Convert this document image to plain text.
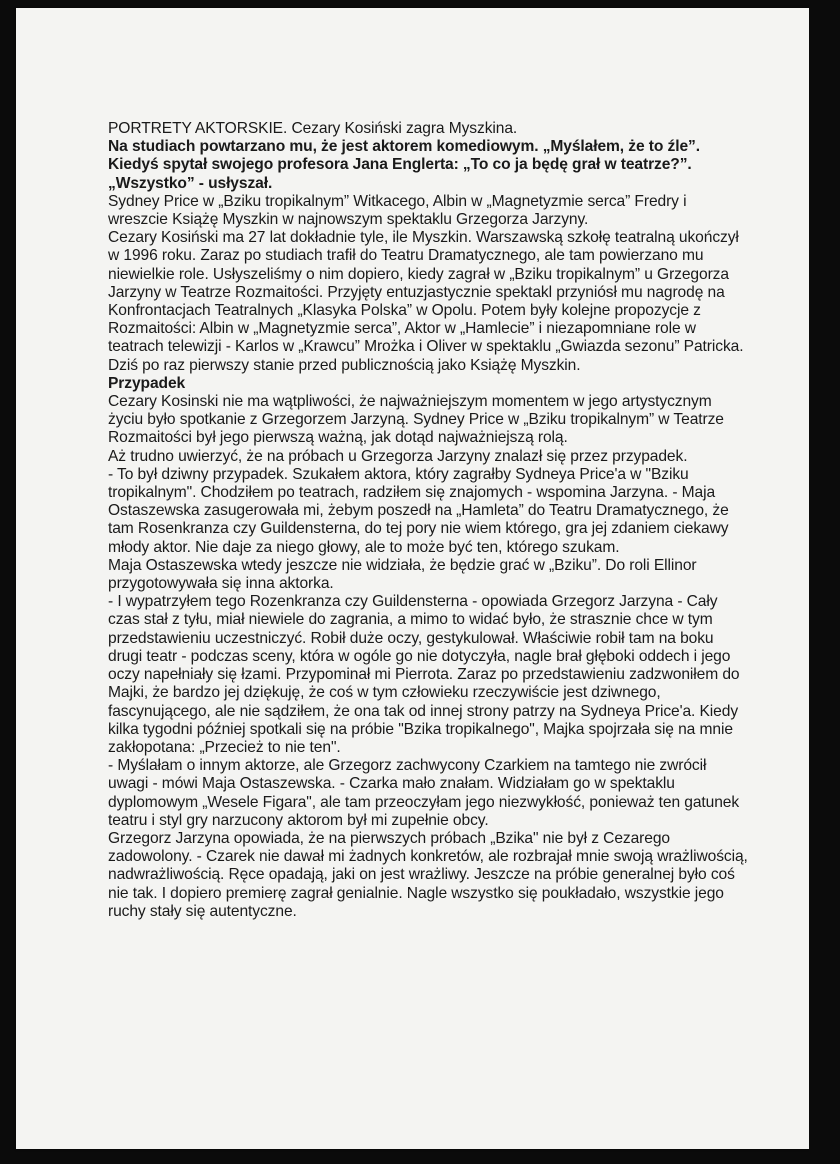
PORTRETY AKTORSKIE. Cezary Kosiński zagra Myszkina.

Na studiach powtarzano mu, że jest aktorem komediowym. „Myślałem, że to źle”. Kiedyś spytał swojego profesora Jana Englerta: „To co ja będę grał w teatrze?”. „Wszystko” - usłyszał.

Sydney Price w „Bziku tropikalnym” Witkacego, Albin w „Magnetyzmie serca” Fredry i wreszcie Książę Myszkin w najnowszym spektaklu Grzegorza Jarzyny.

Cezary Kosiński ma 27 lat dokładnie tyle, ile Myszkin. Warszawską szkołę teatralną ukończył w 1996 roku. Zaraz po studiach trafił do Teatru Dramatycznego, ale tam powierzano mu niewielkie role. Usłyszeliśmy o nim dopiero, kiedy zagrał w „Bziku tropikalnym” u Grzegorza Jarzyny w Teatrze Rozmaitości. Przyjęty entuzjastycznie spektakl przyniósł mu nagrodę na Konfrontacjach Teatralnych „Klasyka Polska” w Opolu. Potem były kolejne propozycje z Rozmaitości: Albin w „Magnetyzmie serca”, Aktor w „Hamlecie” i niezapomniane role w teatrach telewizji - Karlos w „Krawcu” Mrożka i Oliver w spektaklu „Gwiazda sezonu” Patricka. Dziś po raz pierwszy stanie przed publicznością jako Książę Myszkin.

Przypadek

Cezary Kosinski nie ma wątpliwości, że najważniejszym momentem w jego artystycznym życiu było spotkanie z Grzegorzem Jarzyną. Sydney Price w „Bziku tropikalnym” w Teatrze Rozmaitości był jego pierwszą ważną, jak dotąd najważniejszą rolą.

Aż trudno uwierzyć, że na próbach u Grzegorza Jarzyny znalazł się przez przypadek.

- To był dziwny przypadek. Szukałem aktora, który zagrałby Sydneya Price'a w "Bziku tropikalnym". Chodziłem po teatrach, radziłem się znajomych - wspomina Jarzyna. - Maja Ostaszewska zasugerowała mi, żebym poszedł na „Hamleta” do Teatru Dramatycznego, że tam Rosenkranza czy Guildensterna, do tej pory nie wiem którego, gra jej zdaniem ciekawy młody aktor. Nie daje za niego głowy, ale to może być ten, którego szukam.

Maja Ostaszewska wtedy jeszcze nie widziała, że będzie grać w „Bziku”. Do roli Ellinor przygotowywała się inna aktorka.

- I wypatrzyłem tego Rozenkranza czy Guildensterna - opowiada Grzegorz Jarzyna - Cały czas stał z tyłu, miał niewiele do zagrania, a mimo to widać było, że strasznie chce w tym przedstawieniu uczestniczyć. Robił duże oczy, gestykulował. Właściwie robił tam na boku drugi teatr - podczas sceny, która w ogóle go nie dotyczyła, nagle brał głęboki oddech i jego oczy napełniały się łzami. Przypominał mi Pierrota. Zaraz po przedstawieniu zadzwoniłem do Majki, że bardzo jej dziękuję, że coś w tym człowieku rzeczywiście jest dziwnego, fascynującego, ale nie sądziłem, że ona tak od innej strony patrzy na Sydneya Price'a. Kiedy kilka tygodni później spotkali się na próbie "Bzika tropikalnego", Majka spojrzała się na mnie zakłopotana: „Przecież to nie ten".

- Myślałam o innym aktorze, ale Grzegorz zachwycony Czarkiem na tamtego nie zwrócił uwagi - mówi Maja Ostaszewska. - Czarka mało znałam. Widziałam go w spektaklu dyplomowym „Wesele Figara", ale tam przeoczyłam jego niezwykłość, ponieważ ten gatunek teatru i styl gry narzucony aktorom był mi zupełnie obcy.

Grzegorz Jarzyna opowiada, że na pierwszych próbach „Bzika" nie był z Cezarego zadowolony. - Czarek nie dawał mi żadnych konkretów, ale rozbrajał mnie swoją wrażliwością, nadwrażliwością. Ręce opadają, jaki on jest wrażliwy. Jeszcze na próbie generalnej było coś nie tak. I dopiero premierę zagrał genialnie. Nagle wszystko się poukładało, wszystkie jego ruchy stały się autentyczne.
